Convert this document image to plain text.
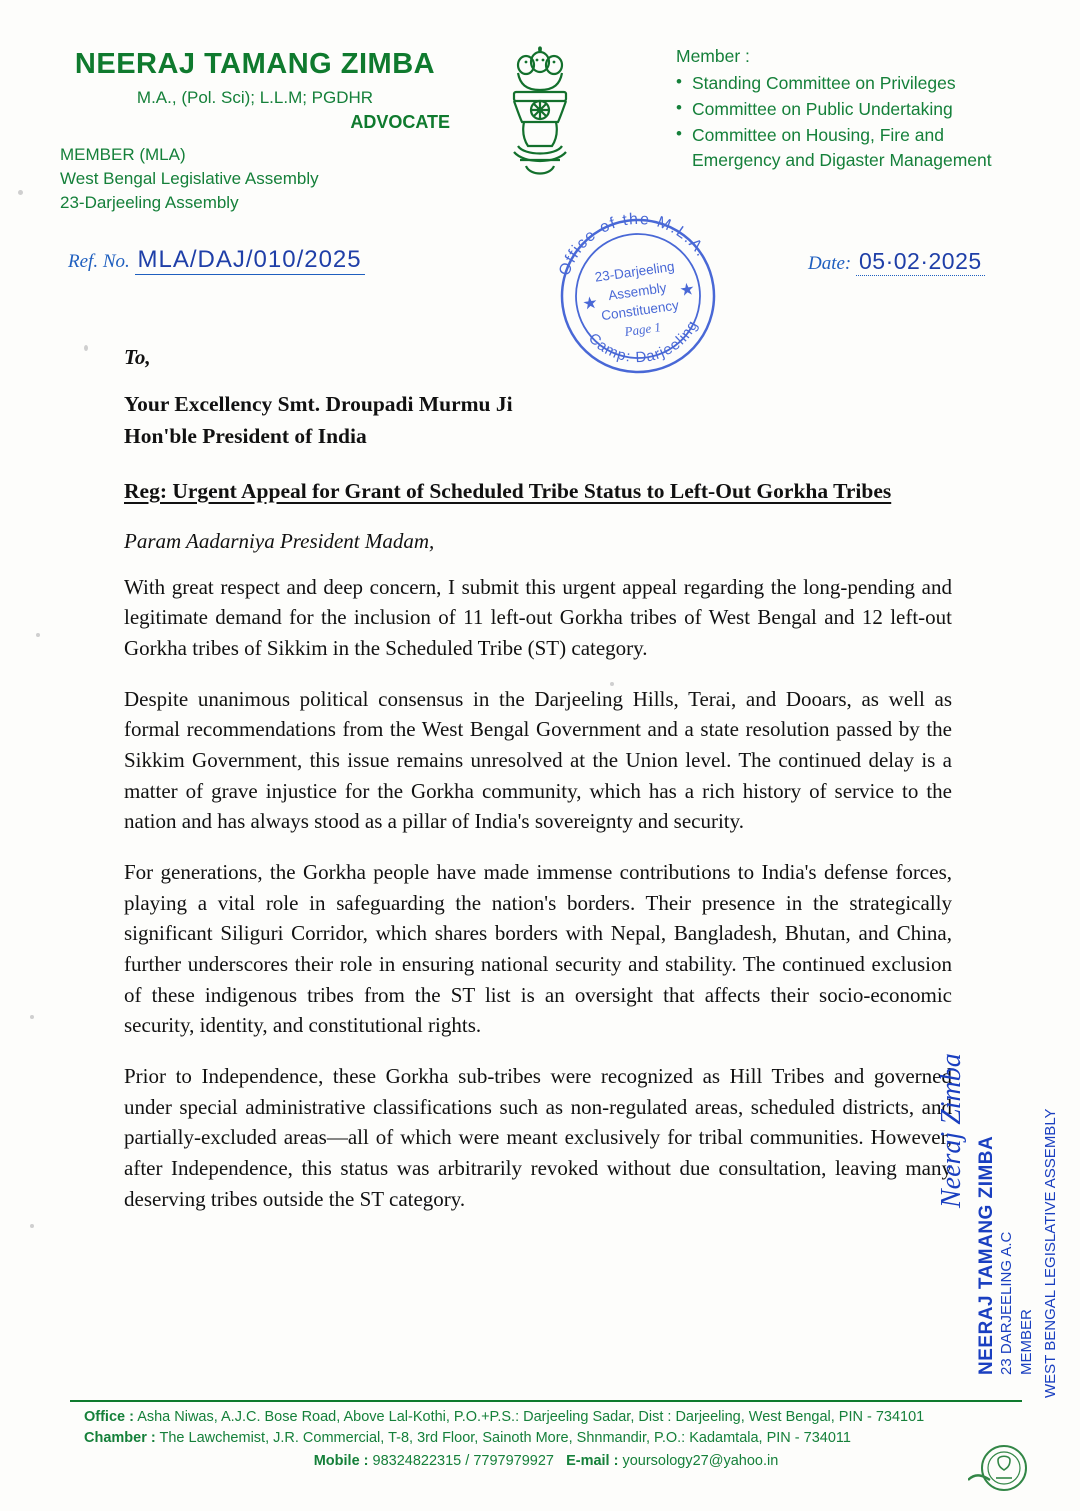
NEERAJ TAMANG ZIMBA
M.A., (Pol. Sci); L.L.M; PGDHR
ADVOCATE
MEMBER (MLA)
West Bengal Legislative Assembly
23-Darjeeling Assembly
Member :
• Standing Committee on Privileges
• Committee on Public Undertaking
• Committee on Housing, Fire and
Emergency and Digaster Management
Ref. No. MLA/DAJ/010/2025	Date: 05·02·2025
Office of the M.L.A.
Camp: Darjeeling
★
★
23-Darjeeling
Assembly
Constituency
Page 1
To,
Your Excellency Smt. Droupadi Murmu Ji
Hon'ble President of India
Reg: Urgent Appeal for Grant of Scheduled Tribe Status to Left-Out Gorkha Tribes
Param Aadarniya President Madam,

With great respect and deep concern, I submit this urgent appeal regarding the long-pending and legitimate demand for the inclusion of 11 left-out Gorkha tribes of West Bengal and 12 left-out Gorkha tribes of Sikkim in the Scheduled Tribe (ST) category.

Despite unanimous political consensus in the Darjeeling Hills, Terai, and Dooars, as well as formal recommendations from the West Bengal Government and a state resolution passed by the Sikkim Government, this issue remains unresolved at the Union level. The continued delay is a matter of grave injustice for the Gorkha community, which has a rich history of service to the nation and has always stood as a pillar of India's sovereignty and security.

For generations, the Gorkha people have made immense contributions to India's defense forces, playing a vital role in safeguarding the nation's borders. Their presence in the strategically significant Siliguri Corridor, which shares borders with Nepal, Bangladesh, Bhutan, and China, further underscores their role in ensuring national security and stability. The continued exclusion of these indigenous tribes from the ST list is an oversight that affects their socio-economic security, identity, and constitutional rights.

Prior to Independence, these Gorkha sub-tribes were recognized as Hill Tribes and governed under special administrative classifications such as non-regulated areas, scheduled districts, and partially-excluded areas—all of which were meant exclusively for tribal communities. However, after Independence, this status was arbitrarily revoked without due consultation, leaving many deserving tribes outside the ST category.	Neeraj Zimba
NEERAJ TAMANG ZIMBA 23 DARJEELING A.C MEMBER WEST BENGAL LEGISLATIVE ASSEMBLY
Office : Asha Niwas, A.J.C. Bose Road, Above Lal-Kothi, P.O.+P.S.: Darjeeling Sadar, Dist : Darjeeling, West Bengal, PIN - 734101
Chamber : The Lawchemist, J.R. Commercial, T-8, 3rd Floor, Sainoth More, Shnmandir, P.O.: Kadamtala, PIN - 734011
Mobile : 98324822315 / 7797979927 E-mail : yoursology27@yahoo.in
